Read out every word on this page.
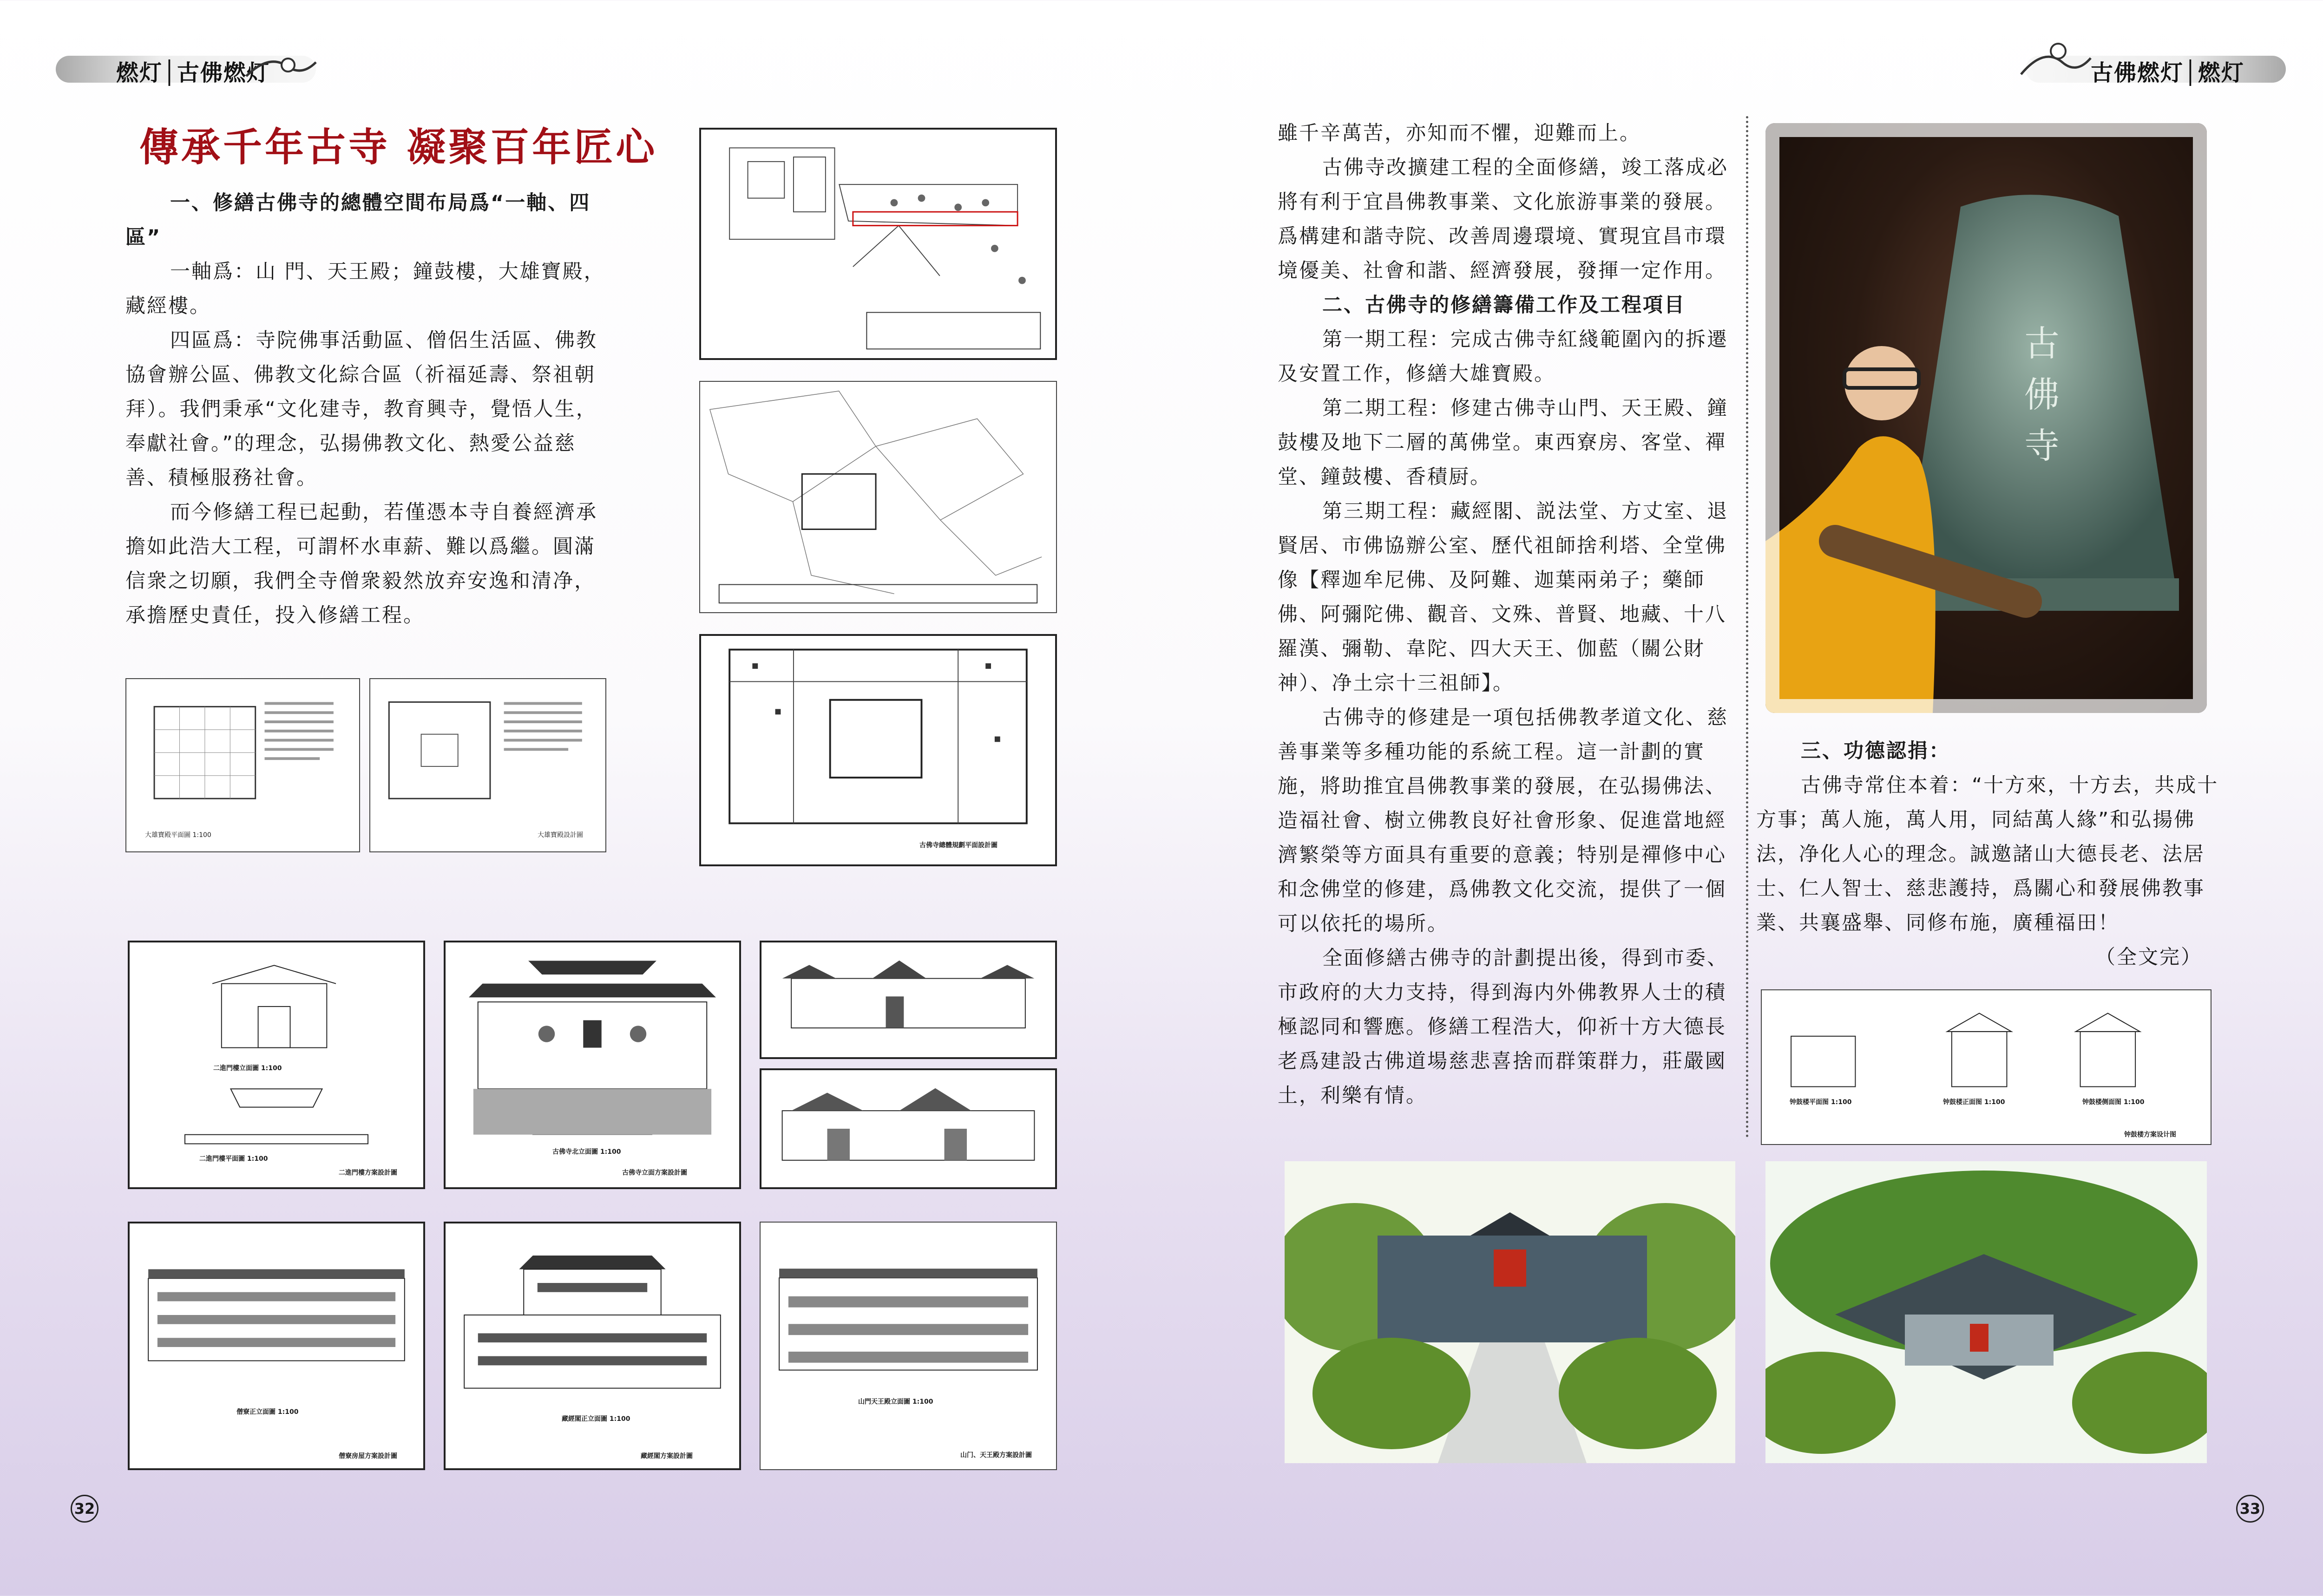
燃灯│古佛燃灯	古佛燃灯│燃灯
傳承千年古寺 凝聚百年匠心

一、修繕古佛寺的總體空間布局爲“一軸、四區”

一軸爲：山 門、天王殿；鐘鼓樓，大雄寶殿，藏經樓。

四區爲：寺院佛事活動區、僧侶生活區、佛教協會辦公區、佛教文化綜合區（祈福延壽、祭祖朝拜）。我們秉承“文化建寺，教育興寺，覺悟人生，奉獻社會。”的理念，弘揚佛教文化、熱愛公益慈善、積極服務社會。

而今修繕工程已起動，若僅憑本寺自養經濟承擔如此浩大工程，可謂杯水車薪、難以爲繼。圓滿信衆之切願，我們全寺僧衆毅然放弃安逸和清净，承擔歷史責任，投入修繕工程。

大雄寶殿平面圖 1:100	大雄寶殿設計圖
古佛寺總體規劃平面設計圖
二進門樓立面圖 1:100
二進門樓平面圖 1:100
二進門樓方案設計圖
古佛寺北立面圖 1:100
古佛寺立面方案設計圖
僧寮正立面圖 1:100
僧寮房屋方案設計圖
藏經閣正立面圖 1:100
藏經閣方案設計圖
山門天王殿立面圖 1:100
山门、天王殿方案設計圖
32	33

雖千辛萬苦，亦知而不懼，迎難而上。

古佛寺改擴建工程的全面修繕，竣工落成必將有利于宜昌佛教事業、文化旅游事業的發展。爲構建和諧寺院、改善周邊環境、實現宜昌市環境優美、社會和諧、經濟發展，發揮一定作用。

二、古佛寺的修繕籌備工作及工程項目

第一期工程：完成古佛寺紅綫範圍內的拆遷及安置工作，修繕大雄寶殿。

第二期工程：修建古佛寺山門、天王殿、鐘鼓樓及地下二層的萬佛堂。東西寮房、客堂、禪堂、鐘鼓樓、香積厨。

第三期工程：藏經閣、説法堂、方丈室、退賢居、市佛協辦公室、歷代祖師捨利塔、全堂佛像【釋迦牟尼佛、及阿難、迦葉兩弟子；藥師佛、阿彌陀佛、觀音、文殊、普賢、地藏、十八羅漢、彌勒、韋陀、四大天王、伽藍（關公財神）、净土宗十三祖師】。

古佛寺的修建是一項包括佛教孝道文化、慈善事業等多種功能的系統工程。這一計劃的實施，將助推宜昌佛教事業的發展，在弘揚佛法、造福社會、樹立佛教良好社會形象、促進當地經濟繁榮等方面具有重要的意義；特别是禪修中心和念佛堂的修建，爲佛教文化交流，提供了一個可以依托的場所。

全面修繕古佛寺的計劃提出後，得到市委、市政府的大力支持，得到海内外佛教界人士的積極認同和響應。修繕工程浩大，仰祈十方大德長老爲建設古佛道場慈悲喜捨而群策群力，莊嚴國土，利樂有情。

古佛寺

三、功德認捐：

古佛寺常住本着：“十方來，十方去，共成十方事；萬人施，萬人用，同結萬人緣”和弘揚佛法，净化人心的理念。誠邀諸山大德長老、法居士、仁人智士、慈悲護持，爲關心和發展佛教事業、共襄盛舉、同修布施，廣種福田！

（全文完）

钟鼓楼平面图 1:100	钟鼓楼正面图 1:100	钟鼓楼侧面图 1:100
钟鼓楼方案设计图
